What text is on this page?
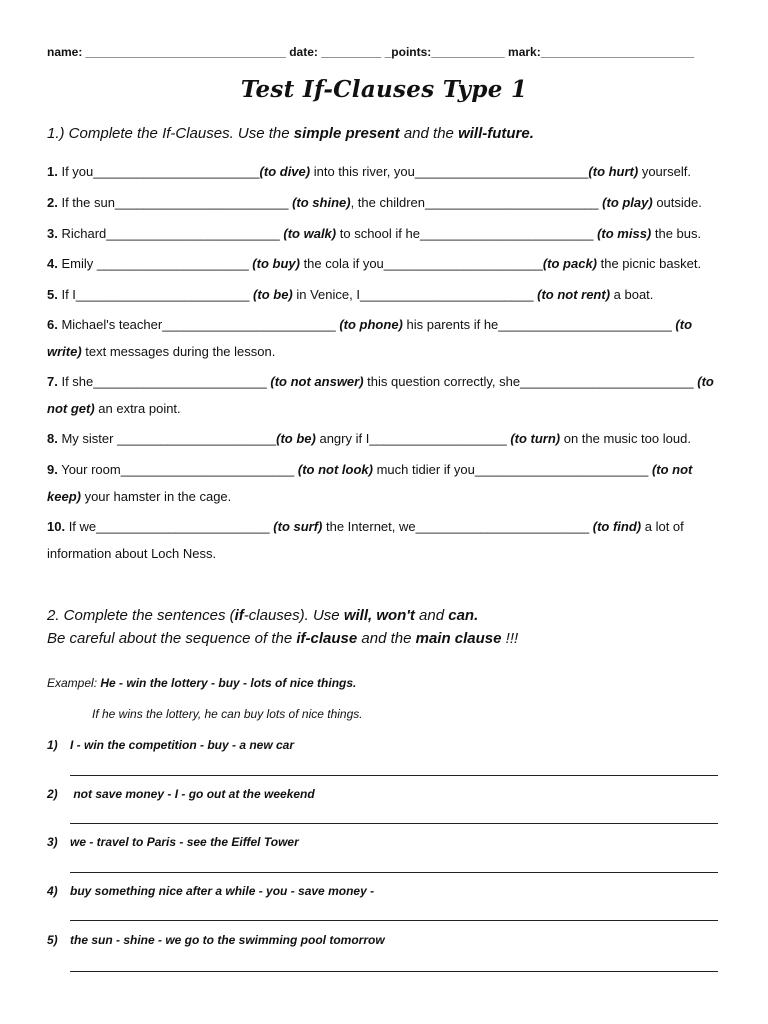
name: ______________________________ date: _________ _points:___________ mark:_______________________
Test If-Clauses Type 1
1.) Complete the If-Clauses. Use the simple present and the will-future.
1. If you_______________________(to dive) into this river, you________________________(to hurt) yourself.
2. If the sun________________________ (to shine), the children________________________ (to play) outside.
3. Richard________________________ (to walk) to school if he________________________ (to miss) the bus.
4. Emily _____________________ (to buy) the cola if you______________________(to pack) the picnic basket.
5. If I________________________ (to be) in Venice, I________________________ (to not rent) a boat.
6. Michael's teacher________________________ (to phone) his parents if he________________________ (to write) text messages during the lesson.
7. If she________________________ (to not answer) this question correctly, she________________________ (to not get) an extra point.
8. My sister ______________________(to be) angry if I___________________ (to turn) on the music too loud.
9. Your room________________________ (to not look) much tidier if you________________________ (to not keep) your hamster in the cage.
10. If we________________________ (to surf) the Internet, we________________________ (to find) a lot of information about Loch Ness.
2. Complete the sentences (if-clauses). Use will, won't and can.
Be careful about the sequence of the if-clause and the main clause !!!
Exampel: He - win the lottery - buy - lots of nice things.
If he wins the lottery, he can buy lots of nice things.
1) I - win the competition - buy - a new car
2) not save money - I - go out at the weekend
3) we - travel to Paris - see the Eiffel Tower
4) buy something nice after a while - you - save money -
5) the sun - shine - we go to the swimming pool tomorrow
